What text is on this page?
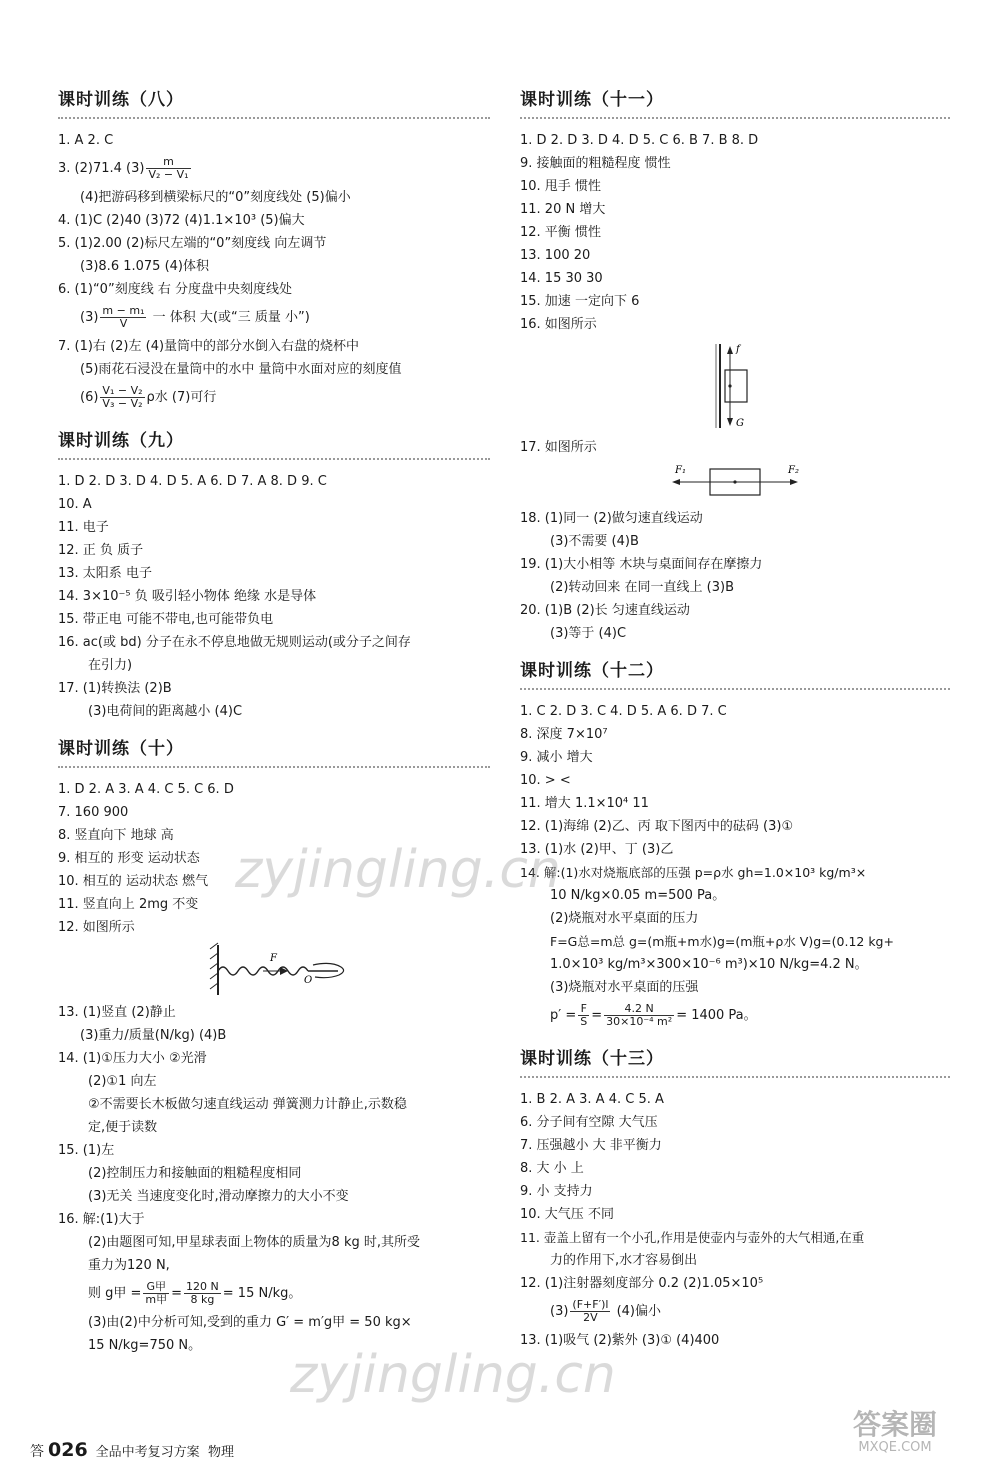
课时训练（八）
1. A 2. C
3. (2)71.4 $(3) \frac{m}{\text{V₂ − V₁}}$
(4)把游码移到横梁标尺的“0”刻度线处 (5)偏小
4. (1)C (2)40 (3)72 (4)1.1×10³ (5)偏大
5. (1)2.00 (2)标尺左端的“0”刻度线 向左调节
(3)8.6 1.075 (4)体积
6. (1)“0”刻度线 右 分度盘中央刻度线处
$(3) \frac{\text{m − m₁}}{V}$ 一 体积 大(或“三 质量 小”)
7. (1)右 (2)左 (4)量筒中的部分水倒入右盘的烧杯中
(5)雨花石浸没在量筒中的水中 量筒中水面对应的刻度值
$(6) \frac{\text{V₁ − V₂}}{\text{V₃ − V₂}}$ ρ水 (7)可行
课时训练（九）
1. D 2. D 3. D 4. D 5. A 6. D 7. A 8. D 9. C
10. A
11. 电子
12. 正 负 质子
13. 太阳系 电子
14. 3×10⁻⁵ 负 吸引轻小物体 绝缘 水是导体
15. 带正电 可能不带电,也可能带负电
16. ac(或 bd) 分子在永不停息地做无规则运动(或分子之间存
在引力)
17. (1)转换法 (2)B
(3)电荷间的距离越小 (4)C
课时训练（十）
1. D 2. A 3. A 4. C 5. C 6. D
7. 160 900
8. 竖直向下 地球 高
9. 相互的 形变 运动状态
10. 相互的 运动状态 燃气
11. 竖直向上 2mg 不变
12. 如图所示
F
O
13. (1)竖直 (2)静止
(3)重力/质量(N/kg) (4)B
14. (1)①压力大小 ②光滑
(2)①1 向左
②不需要长木板做匀速直线运动 弹簧测力计静止,示数稳
定,便于读数
15. (1)左
(2)控制压力和接触面的粗糙程度相同
(3)无关 当速度变化时,滑动摩擦力的大小不变
16. 解:(1)大于
(2)由题图可知,甲星球表面上物体的质量为8 kg 时,其所受
重力为120 N,
则 g甲 = $\frac{\text{G甲}}{\text{m甲}} = \frac{120 N}{8 kg} = 15$ N/kg。
(3)由(2)中分析可知,受到的重力 G′ = m′g甲 = 50 kg×
15 N/kg=750 N。
课时训练（十一）
1. D 2. D 3. D 4. D 5. C 6. B 7. B 8. D
9. 接触面的粗糙程度 惯性
10. 甩手 惯性
11. 20 N 增大
12. 平衡 惯性
13. 100 20
14. 15 30 30
15. 加速 一定向下 6
16. 如图所示
f
G
17. 如图所示
F₁	F₂
18. (1)同一 (2)做匀速直线运动
(3)不需要 (4)B
19. (1)大小相等 木块与桌面间存在摩擦力
(2)转动回来 在同一直线上 (3)B
20. (1)B (2)长 匀速直线运动
(3)等于 (4)C
课时训练（十二）
1. C 2. D 3. C 4. D 5. A 6. D 7. C
8. 深度 7×10⁷
9. 减小 增大
10. > <
11. 增大 1.1×10⁴ 11
12. (1)海绵 (2)乙、丙 取下图丙中的砝码 (3)①
13. (1)水 (2)甲、丁 (3)乙
14. 解:(1)水对烧瓶底部的压强 p=ρ水 gh=1.0×10³ kg/m³×
10 N/kg×0.05 m=500 Pa。
(2)烧瓶对水平桌面的压力
F=G总=m总 g=(m瓶+m水)g=(m瓶+ρ水 V)g=(0.12 kg+
1.0×10³ kg/m³×300×10⁻⁶ m³)×10 N/kg=4.2 N。
(3)烧瓶对水平桌面的压强
$p' = \frac{F}{S} = \frac{4.2 N}{\text{30×10⁻⁴ m²}} = 1400$ Pa。
课时训练（十三）
1. B 2. A 3. A 4. C 5. A
6. 分子间有空隙 大气压
7. 压强越小 大 非平衡力
8. 大 小 上
9. 小 支持力
10. 大气压 不同
11. 壶盖上留有一个小孔,作用是使壶内与壶外的大气相通,在重
力的作用下,水才容易倒出
12. (1)注射器刻度部分 0.2 (2)1.05×10⁵
$(3) \frac{(F+F')l}{2V} (4)$偏小
13. (1)吸气 (2)紫外 (3)① (4)400
zyjingling.cn
zyjingling.cn
答案圈
MXQE.COM
答 026 全品中考复习方案 物理
